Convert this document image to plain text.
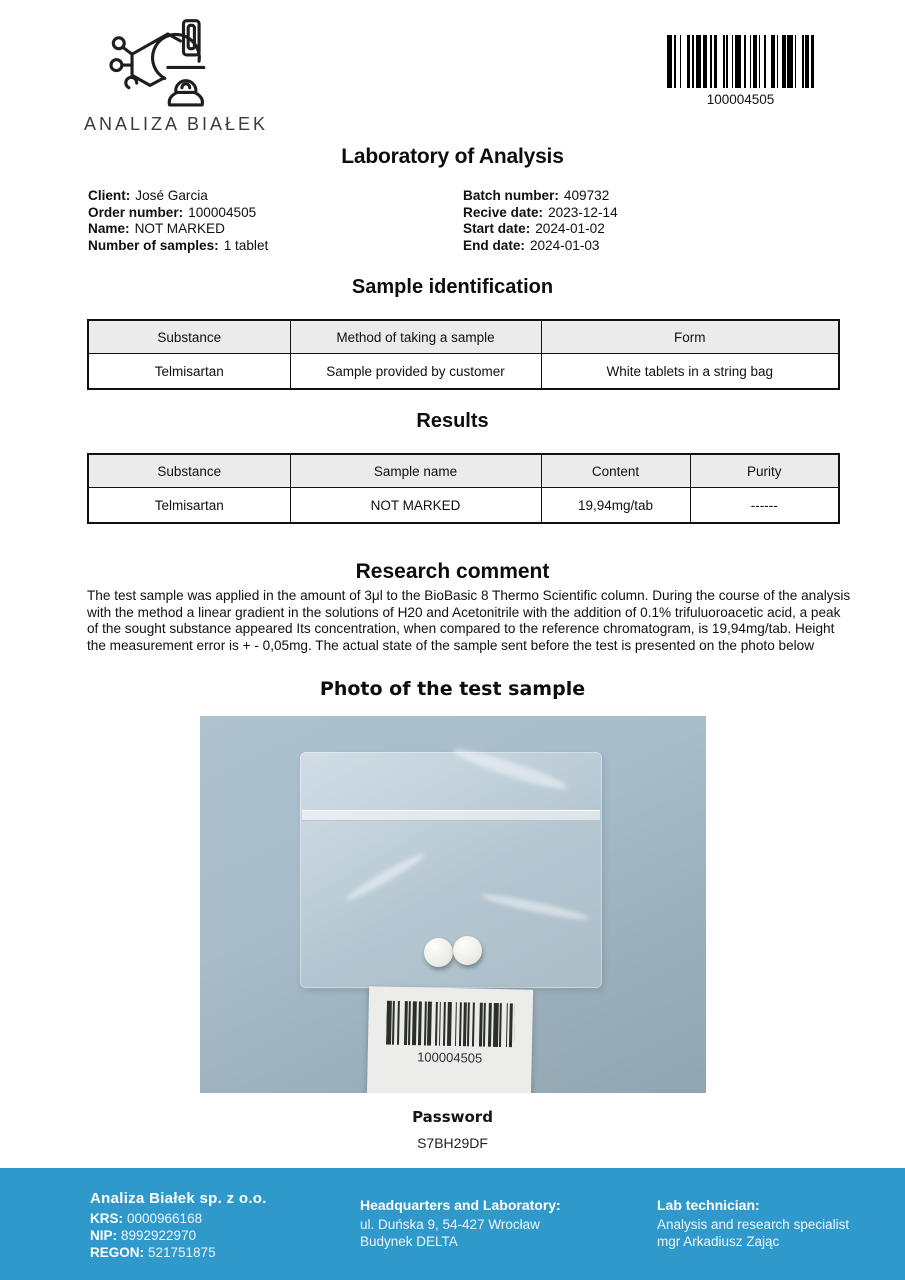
ANALIZA BIAŁEK
100004505
Laboratory of Analysis
Client: José Garcia
Order number: 100004505
Name: NOT MARKED
Number of samples: 1 tablet
Batch number: 409732
Recive date: 2023-12-14
Start date: 2024-01-02
End date: 2024-01-03
Sample identification
Substance	Method of taking a sample	Form
Telmisartan	Sample provided by customer	White tablets in a string bag
Results
Substance	Sample name	Content	Purity
Telmisartan	NOT MARKED	19,94mg/tab	------
Research comment
The test sample was applied in the amount of 3μl to the BioBasic 8 Thermo Scientific column. During the course of the analysis with the method a linear gradient in the solutions of H20 and Acetonitrile with the addition of 0.1% trifuluoroacetic acid, a peak of the sought substance appeared Its concentration, when compared to the reference chromatogram, is 19,94mg/tab. Height the measurement error is + - 0,05mg. The actual state of the sample sent before the test is presented on the photo below
Photo of the test sample
100004505
Password
S7BH29DF
Analiza Białek sp. z o.o.
KRS: 0000966168
NIP: 8992922970
REGON: 521751875
Headquarters and Laboratory:
ul. Duńska 9, 54-427 Wrocław
Budynek DELTA
Lab technician:
Analysis and research specialist
mgr Arkadiusz Zając
